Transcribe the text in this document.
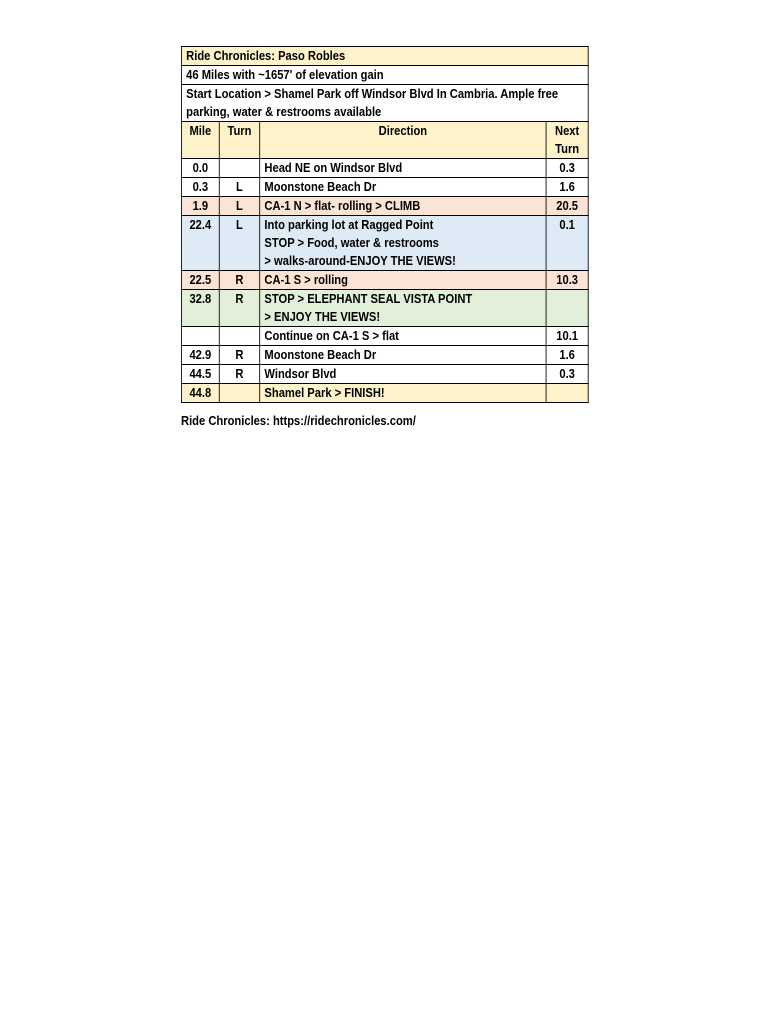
Ride Chronicles: Paso Robles			
46 Miles with ~1657' of elevation gain			
Start Location > Shamel Park off Windsor Blvd In Cambria. Ample free parking, water & restrooms available			
Mile	Turn	Direction	Next
Turn
0.0		Head NE on Windsor Blvd	0.3
0.3	L	Moonstone Beach Dr	1.6
1.9	L	CA-1 N > flat- rolling > CLIMB	20.5
22.4	L	Into parking lot at Ragged Point
STOP > Food, water & restrooms
> walks-around-ENJOY THE VIEWS!	0.1
22.5	R	CA-1 S > rolling	10.3
32.8	R	STOP > ELEPHANT SEAL VISTA POINT
> ENJOY THE VIEWS!	
		Continue on CA-1 S > flat	10.1
42.9	R	Moonstone Beach Dr	1.6
44.5	R	Windsor Blvd	0.3
44.8		Shamel Park > FINISH!	
Ride Chronicles: https://ridechronicles.com/
